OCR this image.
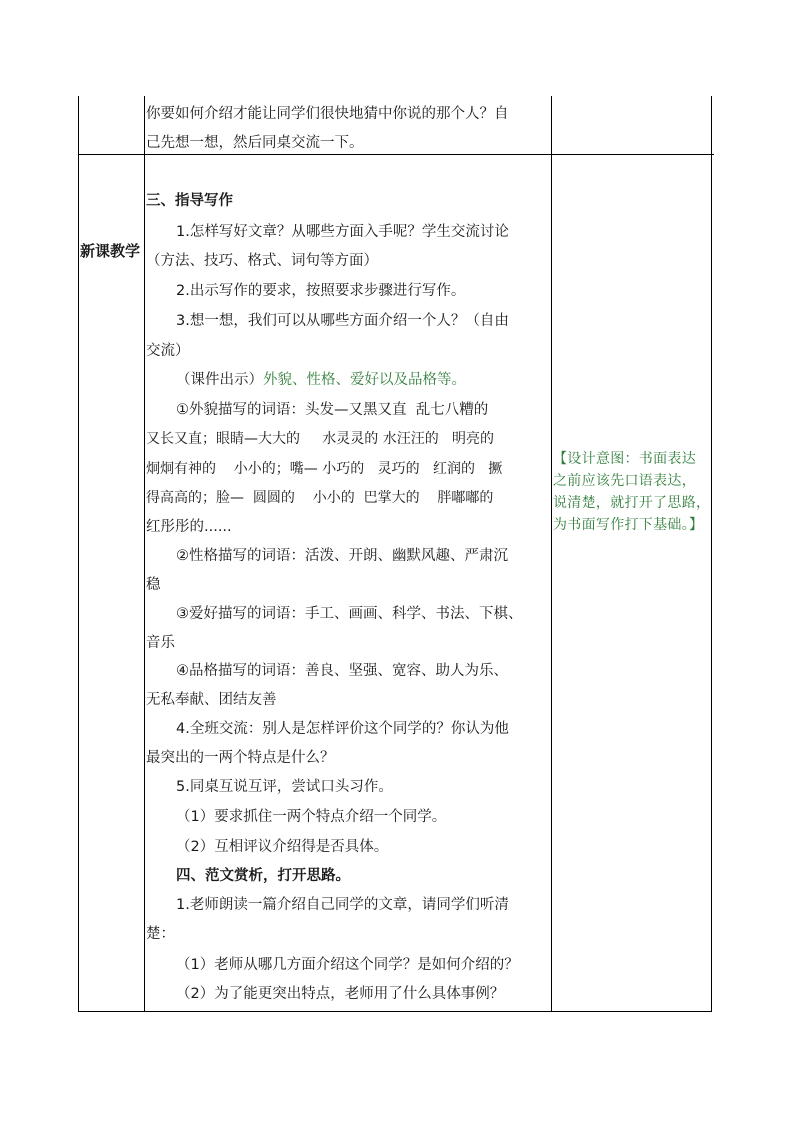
你要如何介绍才能让同学们很快地猜中你说的那个人？自
己先想一想，然后同桌交流一下。
新课教学
三、指导写作
1.怎样写好文章？从哪些方面入手呢？学生交流讨论
（方法、技巧、格式、词句等方面）
2.出示写作的要求，按照要求步骤进行写作。
3.想一想，我们可以从哪些方面介绍一个人？（自由
交流）
（课件出示）外貌、性格、爱好以及品格等。
①外貌描写的词语：头发—又黑又直  乱七八糟的
又长又直；眼睛—大大的     水灵灵的 水汪汪的   明亮的
炯炯有神的    小小的；嘴— 小巧的   灵巧的   红润的   撅
得高高的；脸—  圆圆的    小小的  巴掌大的    胖嘟嘟的
红彤彤的......
②性格描写的词语：活泼、开朗、幽默风趣、严肃沉
稳
③爱好描写的词语：手工、画画、科学、书法、下棋、
音乐
④品格描写的词语：善良、坚强、宽容、助人为乐、
无私奉献、团结友善
4.全班交流：别人是怎样评价这个同学的？你认为他
最突出的一两个特点是什么？
5.同桌互说互评，尝试口头习作。
（1）要求抓住一两个特点介绍一个同学。
（2）互相评议介绍得是否具体。
四、范文赏析，打开思路。
1.老师朗读一篇介绍自己同学的文章，请同学们听清
楚：
（1）老师从哪几方面介绍这个同学？是如何介绍的？
（2）为了能更突出特点，老师用了什么具体事例？
【设计意图：书面表达
之前应该先口语表达，
说清楚，就打开了思路，
为书面写作打下基础。】
